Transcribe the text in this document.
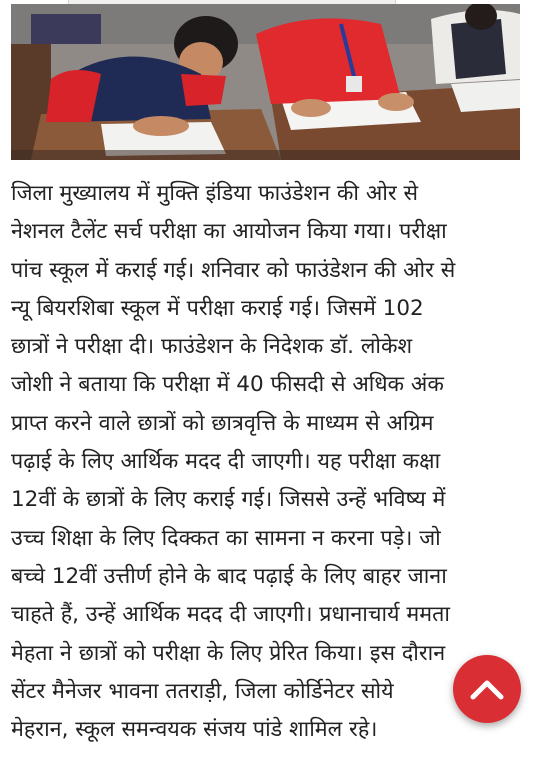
जिला मुख्यालय में मुक्ति इंडिया फाउंडेशन की ओर से
नेशनल टैलेंट सर्च परीक्षा का आयोजन किया गया। परीक्षा
पांच स्कूल में कराई गई। शनिवार को फाउंडेशन की ओर से
न्यू बियरशिबा स्कूल में परीक्षा कराई गई। जिसमें 102
छात्रों ने परीक्षा दी। फाउंडेशन के निदेशक डॉ. लोकेश
जोशी ने बताया कि परीक्षा में 40 फीसदी से अधिक अंक
प्राप्त करने वाले छात्रों को छात्रवृत्ति के माध्यम से अग्रिम
पढ़ाई के लिए आर्थिक मदद दी जाएगी। यह परीक्षा कक्षा
12वीं के छात्रों के लिए कराई गई। जिससे उन्हें भविष्य में
उच्च शिक्षा के लिए दिक्कत का सामना न करना पड़े। जो
बच्चे 12वीं उत्तीर्ण होने के बाद पढ़ाई के लिए बाहर जाना
चाहते हैं, उन्हें आर्थिक मदद दी जाएगी। प्रधानाचार्य ममता
मेहता ने छात्रों को परीक्षा के लिए प्रेरित किया। इस दौरान
सेंटर मैनेजर भावना ततराड़ी, जिला कोर्डिनेटर सोये
मेहरान, स्कूल समन्वयक संजय पांडे शामिल रहे।
